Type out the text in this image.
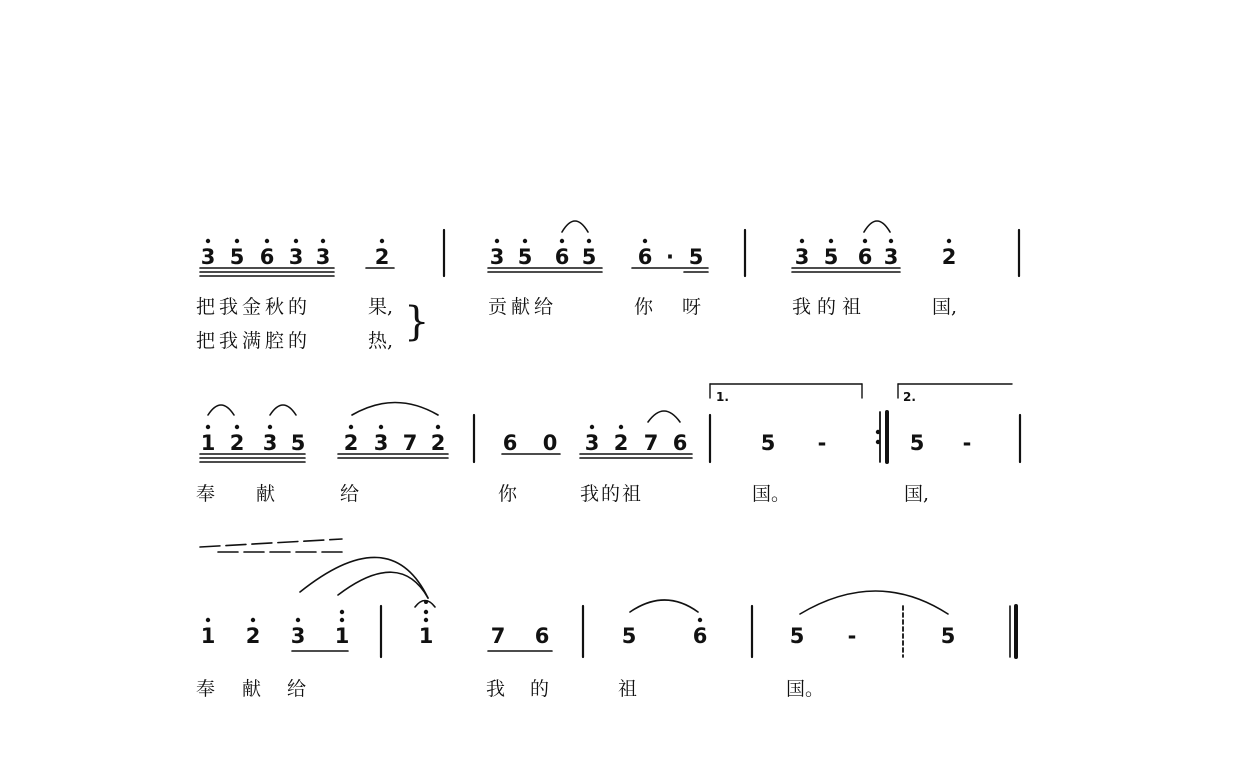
3 5 6 3 3 2	3 5 6 5 6 · 5	3 5 6 3 2
把我金秋的	果,	贡献给	你 呀	我的祖	国,
把我满腔的	热, }
1 2 3 5 2 3 7 2	6 0 3 2 7 6
1.
5 -
2.
5 -
奉 献	给	你	我的祖	国。	国,
1 2 3 1	1	7 6	5	6	5 -	5
奉 献 给	我 的	祖	国。
